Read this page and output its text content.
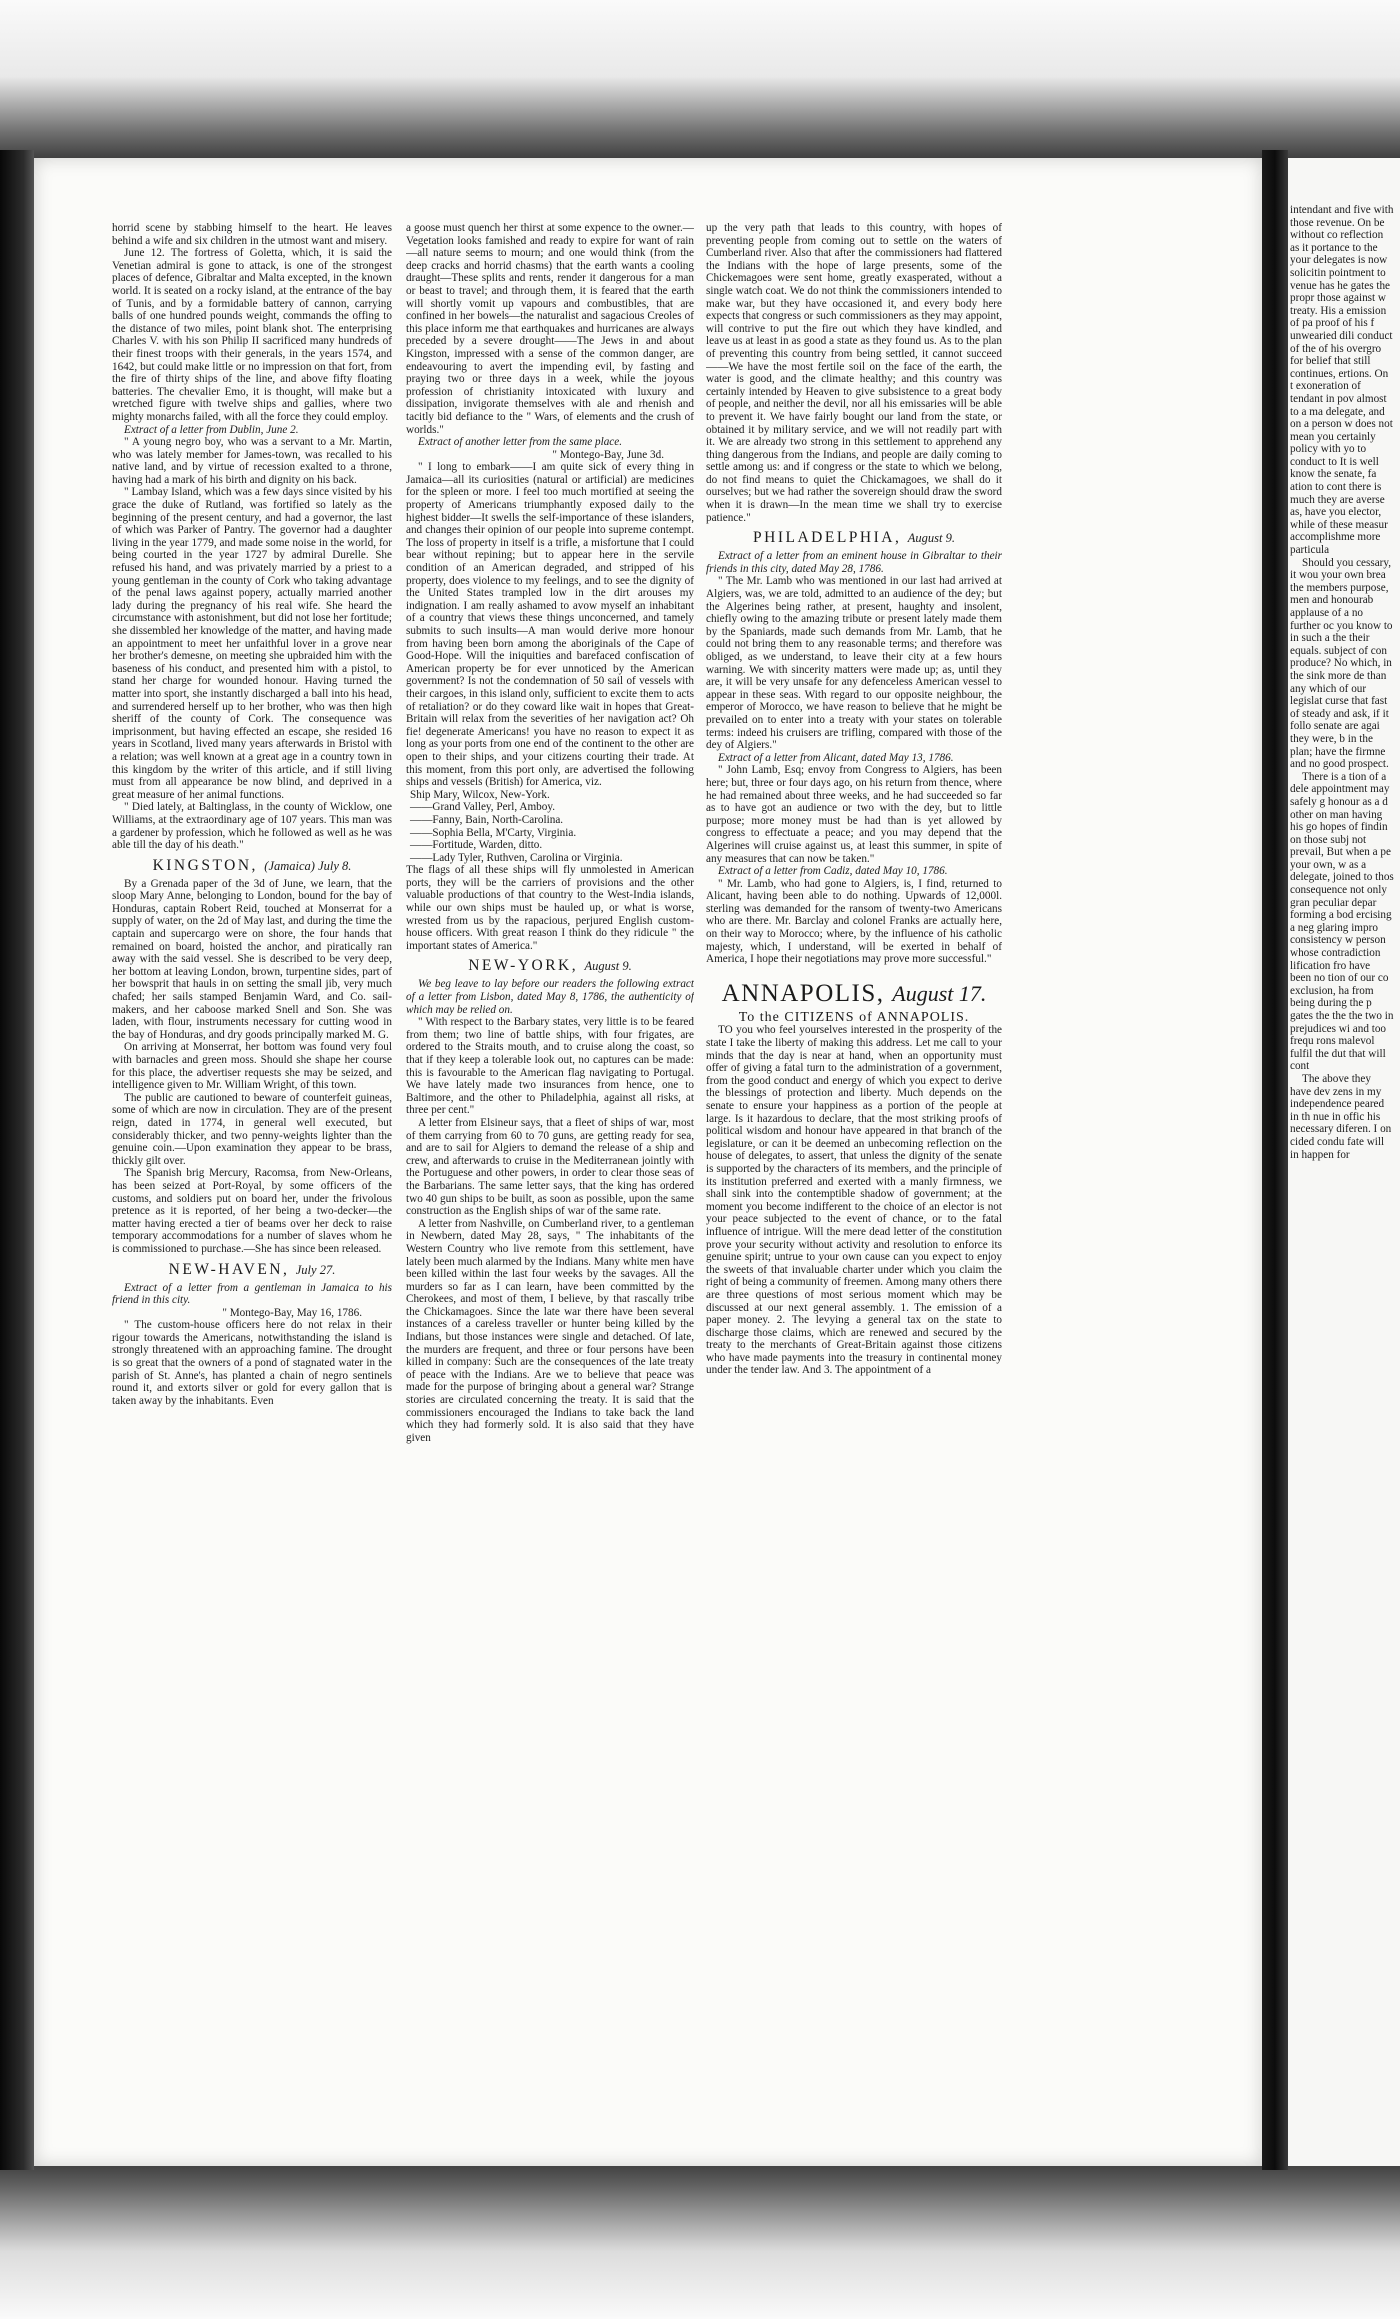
horrid scene by stabbing himself to the heart. He leaves behind a wife and six children in the utmost want and misery.

June 12. The fortress of Goletta, which, it is said the Venetian admiral is gone to attack, is one of the strongest places of defence, Gibraltar and Malta excepted, in the known world. It is seated on a rocky island, at the entrance of the bay of Tunis, and by a formidable battery of cannon, carrying balls of one hundred pounds weight, commands the offing to the distance of two miles, point blank shot. The enterprising Charles V. with his son Philip II sacrificed many hundreds of their finest troops with their generals, in the years 1574, and 1642, but could make little or no impression on that fort, from the fire of thirty ships of the line, and above fifty floating batteries. The chevalier Emo, it is thought, will make but a wretched figure with twelve ships and gallies, where two mighty monarchs failed, with all the force they could employ.

Extract of a letter from Dublin, June 2.

" A young negro boy, who was a servant to a Mr. Martin, who was lately member for James-town, was recalled to his native land, and by virtue of recession exalted to a throne, having had a mark of his birth and dignity on his back.

" Lambay Island, which was a few days since visited by his grace the duke of Rutland, was fortified so lately as the beginning of the present century, and had a governor, the last of which was Parker of Pantry. The governor had a daughter living in the year 1779, and made some noise in the world, for being courted in the year 1727 by admiral Durelle. She refused his hand, and was privately married by a priest to a young gentleman in the county of Cork who taking advantage of the penal laws against popery, actually married another lady during the pregnancy of his real wife. She heard the circumstance with astonishment, but did not lose her fortitude; she dissembled her knowledge of the matter, and having made an appointment to meet her unfaithful lover in a grove near her brother's demesne, on meeting she upbraided him with the baseness of his conduct, and presented him with a pistol, to stand her charge for wounded honour. Having turned the matter into sport, she instantly discharged a ball into his head, and surrendered herself up to her brother, who was then high sheriff of the county of Cork. The consequence was imprisonment, but having effected an escape, she resided 16 years in Scotland, lived many years afterwards in Bristol with a relation; was well known at a great age in a country town in this kingdom by the writer of this article, and if still living must from all appearance be now blind, and deprived in a great measure of her animal functions.

" Died lately, at Baltinglass, in the county of Wicklow, one Williams, at the extraordinary age of 107 years. This man was a gardener by profession, which he followed as well as he was able till the day of his death."

KINGSTON, (Jamaica) July 8.

By a Grenada paper of the 3d of June, we learn, that the sloop Mary Anne, belonging to London, bound for the bay of Honduras, captain Robert Reid, touched at Monserrat for a supply of water, on the 2d of May last, and during the time the captain and supercargo were on shore, the four hands that remained on board, hoisted the anchor, and piratically ran away with the said vessel. She is described to be very deep, her bottom at leaving London, brown, turpentine sides, part of her bowsprit that hauls in on setting the small jib, very much chafed; her sails stamped Benjamin Ward, and Co. sail-makers, and her caboose marked Snell and Son. She was laden, with flour, instruments necessary for cutting wood in the bay of Honduras, and dry goods principally marked M. G.

On arriving at Monserrat, her bottom was found very foul with barnacles and green moss. Should she shape her course for this place, the advertiser requests she may be seized, and intelligence given to Mr. William Wright, of this town.

The public are cautioned to beware of counterfeit guineas, some of which are now in circulation. They are of the present reign, dated in 1774, in general well executed, but considerably thicker, and two penny-weights lighter than the genuine coin.—Upon examination they appear to be brass, thickly gilt over.

The Spanish brig Mercury, Racomsa, from New-Orleans, has been seized at Port-Royal, by some officers of the customs, and soldiers put on board her, under the frivolous pretence as it is reported, of her being a two-decker—the matter having erected a tier of beams over her deck to raise temporary accommodations for a number of slaves whom he is commissioned to purchase.—She has since been released.

NEW-HAVEN, July 27.

Extract of a letter from a gentleman in Jamaica to his friend in this city.

" Montego-Bay, May 16, 1786.

" The custom-house officers here do not relax in their rigour towards the Americans, notwithstanding the island is strongly threatened with an approaching famine. The drought is so great that the owners of a pond of stagnated water in the parish of St. Anne's, has planted a chain of negro sentinels round it, and extorts silver or gold for every gallon that is taken away by the inhabitants. Even

a goose must quench her thirst at some expence to the owner.—Vegetation looks famished and ready to expire for want of rain—all nature seems to mourn; and one would think (from the deep cracks and horrid chasms) that the earth wants a cooling draught—These splits and rents, render it dangerous for a man or beast to travel; and through them, it is feared that the earth will shortly vomit up vapours and combustibles, that are confined in her bowels—the naturalist and sagacious Creoles of this place inform me that earthquakes and hurricanes are always preceded by a severe drought——The Jews in and about Kingston, impressed with a sense of the common danger, are endeavouring to avert the impending evil, by fasting and praying two or three days in a week, while the joyous profession of christianity intoxicated with luxury and dissipation, invigorate themselves with ale and rhenish and tacitly bid defiance to the " Wars, of elements and the crush of worlds."

Extract of another letter from the same place.

" Montego-Bay, June 3d.

" I long to embark——I am quite sick of every thing in Jamaica—all its curiosities (natural or artificial) are medicines for the spleen or more. I feel too much mortified at seeing the property of Americans triumphantly exposed daily to the highest bidder—It swells the self-importance of these islanders, and changes their opinion of our people into supreme contempt. The loss of property in itself is a trifle, a misfortune that I could bear without repining; but to appear here in the servile condition of an American degraded, and stripped of his property, does violence to my feelings, and to see the dignity of the United States trampled low in the dirt arouses my indignation. I am really ashamed to avow myself an inhabitant of a country that views these things unconcerned, and tamely submits to such insults—A man would derive more honour from having been born among the aboriginals of the Cape of Good-Hope. Will the iniquities and barefaced confiscation of American property be for ever unnoticed by the American government? Is not the condemnation of 50 sail of vessels with their cargoes, in this island only, sufficient to excite them to acts of retaliation? or do they coward like wait in hopes that Great-Britain will relax from the severities of her navigation act? Oh fie! degenerate Americans! you have no reason to expect it as long as your ports from one end of the continent to the other are open to their ships, and your citizens courting their trade. At this moment, from this port only, are advertised the following ships and vessels (British) for America, viz.

Ship Mary, Wilcox, New-York.

——Grand Valley, Perl, Amboy.

——Fanny, Bain, North-Carolina.

——Sophia Bella, M'Carty, Virginia.

——Fortitude, Warden, ditto.

——Lady Tyler, Ruthven, Carolina or Virginia.

The flags of all these ships will fly unmolested in American ports, they will be the carriers of provisions and the other valuable productions of that country to the West-India islands, while our own ships must be hauled up, or what is worse, wrested from us by the rapacious, perjured English custom-house officers. With great reason I think do they ridicule " the important states of America."

NEW-YORK, August 9.

We beg leave to lay before our readers the following extract of a letter from Lisbon, dated May 8, 1786, the authenticity of which may be relied on.

" With respect to the Barbary states, very little is to be feared from them; two line of battle ships, with four frigates, are ordered to the Straits mouth, and to cruise along the coast, so that if they keep a tolerable look out, no captures can be made: this is favourable to the American flag navigating to Portugal. We have lately made two insurances from hence, one to Baltimore, and the other to Philadelphia, against all risks, at three per cent."

A letter from Elsineur says, that a fleet of ships of war, most of them carrying from 60 to 70 guns, are getting ready for sea, and are to sail for Algiers to demand the release of a ship and crew, and afterwards to cruise in the Mediterranean jointly with the Portuguese and other powers, in order to clear those seas of the Barbarians. The same letter says, that the king has ordered two 40 gun ships to be built, as soon as possible, upon the same construction as the English ships of war of the same rate.

A letter from Nashville, on Cumberland river, to a gentleman in Newbern, dated May 28, says, " The inhabitants of the Western Country who live remote from this settlement, have lately been much alarmed by the Indians. Many white men have been killed within the last four weeks by the savages. All the murders so far as I can learn, have been committed by the Cherokees, and most of them, I believe, by that rascally tribe the Chickamagoes. Since the late war there have been several instances of a careless traveller or hunter being killed by the Indians, but those instances were single and detached. Of late, the murders are frequent, and three or four persons have been killed in company: Such are the consequences of the late treaty of peace with the Indians. Are we to believe that peace was made for the purpose of bringing about a general war? Strange stories are circulated concerning the treaty. It is said that the commissioners encouraged the Indians to take back the land which they had formerly sold. It is also said that they have given

up the very path that leads to this country, with hopes of preventing people from coming out to settle on the waters of Cumberland river. Also that after the commissioners had flattered the Indians with the hope of large presents, some of the Chickemagoes were sent home, greatly exasperated, without a single watch coat. We do not think the commissioners intended to make war, but they have occasioned it, and every body here expects that congress or such commissioners as they may appoint, will contrive to put the fire out which they have kindled, and leave us at least in as good a state as they found us. As to the plan of preventing this country from being settled, it cannot succeed——We have the most fertile soil on the face of the earth, the water is good, and the climate healthy; and this country was certainly intended by Heaven to give subsistence to a great body of people, and neither the devil, nor all his emissaries will be able to prevent it. We have fairly bought our land from the state, or obtained it by military service, and we will not readily part with it. We are already two strong in this settlement to apprehend any thing dangerous from the Indians, and people are daily coming to settle among us: and if congress or the state to which we belong, do not find means to quiet the Chickamagoes, we shall do it ourselves; but we had rather the sovereign should draw the sword when it is drawn—In the mean time we shall try to exercise patience."

PHILADELPHIA, August 9.

Extract of a letter from an eminent house in Gibraltar to their friends in this city, dated May 28, 1786.

" The Mr. Lamb who was mentioned in our last had arrived at Algiers, was, we are told, admitted to an audience of the dey; but the Algerines being rather, at present, haughty and insolent, chiefly owing to the amazing tribute or present lately made them by the Spaniards, made such demands from Mr. Lamb, that he could not bring them to any reasonable terms; and therefore was obliged, as we understand, to leave their city at a few hours warning. We with sincerity matters were made up; as, until they are, it will be very unsafe for any defenceless American vessel to appear in these seas. With regard to our opposite neighbour, the emperor of Morocco, we have reason to believe that he might be prevailed on to enter into a treaty with your states on tolerable terms: indeed his cruisers are trifling, compared with those of the dey of Algiers."

Extract of a letter from Alicant, dated May 13, 1786.

" John Lamb, Esq; envoy from Congress to Algiers, has been here; but, three or four days ago, on his return from thence, where he had remained about three weeks, and he had succeeded so far as to have got an audience or two with the dey, but to little purpose; more money must be had than is yet allowed by congress to effectuate a peace; and you may depend that the Algerines will cruise against us, at least this summer, in spite of any measures that can now be taken."

Extract of a letter from Cadiz, dated May 10, 1786.

" Mr. Lamb, who had gone to Algiers, is, I find, returned to Alicant, having been able to do nothing. Upwards of 12,000l. sterling was demanded for the ransom of twenty-two Americans who are there. Mr. Barclay and colonel Franks are actually here, on their way to Morocco; where, by the influence of his catholic majesty, which, I understand, will be exerted in behalf of America, I hope their negotiations may prove more successful."

ANNAPOLIS, August 17.

To the CITIZENS of ANNAPOLIS.

TO you who feel yourselves interested in the prosperity of the state I take the liberty of making this address. Let me call to your minds that the day is near at hand, when an opportunity must offer of giving a fatal turn to the administration of a government, from the good conduct and energy of which you expect to derive the blessings of protection and liberty. Much depends on the senate to ensure your happiness as a portion of the people at large. Is it hazardous to declare, that the most striking proofs of political wisdom and honour have appeared in that branch of the legislature, or can it be deemed an unbecoming reflection on the house of delegates, to assert, that unless the dignity of the senate is supported by the characters of its members, and the principle of its institution preferred and exerted with a manly firmness, we shall sink into the contemptible shadow of government; at the moment you become indifferent to the choice of an elector is not your peace subjected to the event of chance, or to the fatal influence of intrigue. Will the mere dead letter of the constitution prove your security without activity and resolution to enforce its genuine spirit; untrue to your own cause can you expect to enjoy the sweets of that invaluable charter under which you claim the right of being a community of freemen. Among many others there are three questions of most serious moment which may be discussed at our next general assembly. 1. The emission of a paper money. 2. The levying a general tax on the state to discharge those claims, which are renewed and secured by the treaty to the merchants of Great-Britain against those citizens who have made payments into the treasury in continental money under the tender law. And 3. The appointment of a

intendant and five with those revenue. On be without co reflection as it portance to the your delegates is now solicitin pointment to venue has he gates the propr those against w treaty. His a emission of pa proof of his f unwearied dili conduct of the of his overgro for belief that still continues, ertions. On t exoneration of tendant in pov almost to a ma delegate, and on a person w does not mean you certainly policy with yo to conduct to It is well know the senate, fa ation to cont there is much they are averse as, have you elector, while of these measur accomplishme more particula

Should you cessary, it wou your own brea the members purpose, men and honourab applause of a no further oc you know to in such a the their equals. subject of con produce? No which, in the sink more de than any which of our legislat curse that fast of steady and ask, if it follo senate are agai they were, b in the plan; have the firmne and no good prospect.

There is a tion of a dele appointment may safely g honour as a d other on man having his go hopes of findin on those subj not prevail, But when a pe your own, w as a delegate, joined to thos consequence not only gran peculiar depar forming a bod ercising a neg glaring impro consistency w person whose contradiction lification fro have been no tion of our co exclusion, ha from being during the p gates the the the two in prejudices wi and too frequ rons malevol fulfil the dut that will cont

The above they have dev zens in my independence peared in th nue in offic his necessary diferen. I on cided condu fate will in happen for
